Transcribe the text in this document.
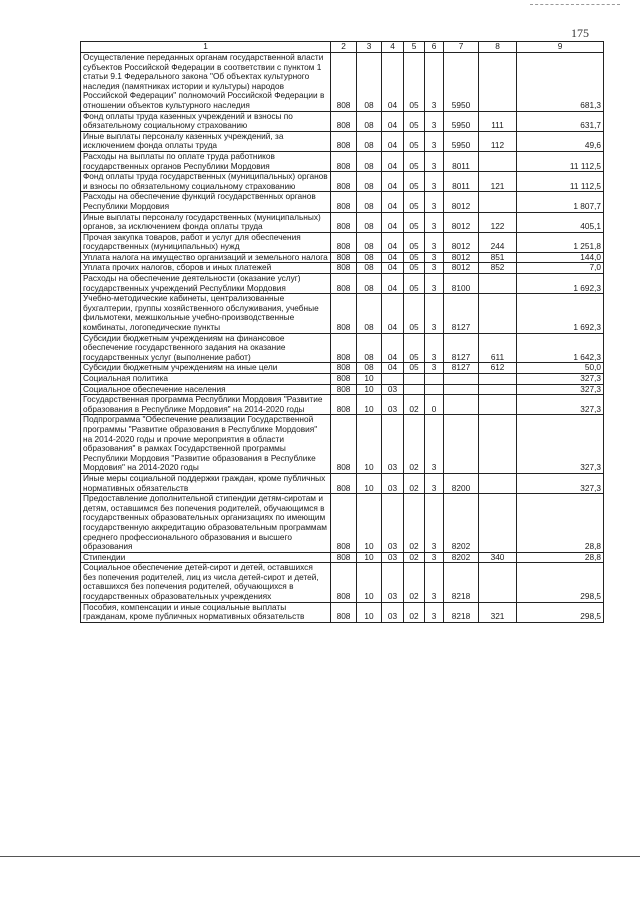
175
1	2	3	4	5	6	7	8	9
Осуществление переданных органам государственной власти субъектов Российской Федерации в соответствии с пунктом 1 статьи 9.1 Федерального закона "Об объектах культурного наследия (памятниках истории и культуры) народов Российской Федерации" полномочий Российской Федерации в отношении объектов культурного наследия	808	08	04	05	3	5950		681,3
Фонд оплаты труда казенных учреждений и взносы по обязательному социальному страхованию	808	08	04	05	3	5950	111	631,7
Иные выплаты персоналу казенных учреждений, за исключением фонда оплаты труда	808	08	04	05	3	5950	112	49,6
Расходы на выплаты по оплате труда работников государственных органов Республики Мордовия	808	08	04	05	3	8011		11 112,5
Фонд оплаты труда государственных (муниципальных) органов и взносы по обязательному социальному страхованию	808	08	04	05	3	8011	121	11 112,5
Расходы на обеспечение функций государственных органов Республики Мордовия	808	08	04	05	3	8012		1 807,7
Иные выплаты персоналу государственных (муниципальных) органов, за исключением фонда оплаты труда	808	08	04	05	3	8012	122	405,1
Прочая закупка товаров, работ и услуг для обеспечения государственных (муниципальных) нужд	808	08	04	05	3	8012	244	1 251,8
Уплата налога на имущество организаций и земельного налога	808	08	04	05	3	8012	851	144,0
Уплата прочих налогов, сборов и иных платежей	808	08	04	05	3	8012	852	7,0
Расходы на обеспечение деятельности (оказание услуг) государственных учреждений Республики Мордовия	808	08	04	05	3	8100		1 692,3
Учебно-методические кабинеты, централизованные бухгалтерии, группы хозяйственного обслуживания, учебные фильмотеки, межшкольные учебно-производственные комбинаты, логопедические пункты	808	08	04	05	3	8127		1 692,3
Субсидии бюджетным учреждениям на финансовое обеспечение государственного задания на оказание государственных услуг (выполнение работ)	808	08	04	05	3	8127	611	1 642,3
Субсидии бюджетным учреждениям на иные цели	808	08	04	05	3	8127	612	50,0
Социальная политика	808	10						327,3
Социальное обеспечение населения	808	10	03					327,3
Государственная программа Республики Мордовия "Развитие образования в Республике Мордовия" на 2014-2020 годы	808	10	03	02	0			327,3
Подпрограмма "Обеспечение реализации Государственной программы "Развитие образования в Республике Мордовия" на 2014-2020 годы и прочие мероприятия в области образования" в рамках Государственной программы Республики Мордовия "Развитие образования в Республике Мордовия" на 2014-2020 годы	808	10	03	02	3			327,3
Иные меры социальной поддержки граждан, кроме публичных нормативных обязательств	808	10	03	02	3	8200		327,3
Предоставление дополнительной стипендии детям-сиротам и детям, оставшимся без попечения родителей, обучающимся в государственных образовательных организациях по имеющим государственную аккредитацию образовательным программам среднего профессионального образования и высшего образования	808	10	03	02	3	8202		28,8
Стипендии	808	10	03	02	3	8202	340	28,8
Социальное обеспечение детей-сирот и детей, оставшихся без попечения родителей, лиц из числа детей-сирот и детей, оставшихся без попечения родителей, обучающихся в государственных образовательных учреждениях	808	10	03	02	3	8218		298,5
Пособия, компенсации и иные социальные выплаты гражданам, кроме публичных нормативных обязательств	808	10	03	02	3	8218	321	298,5
